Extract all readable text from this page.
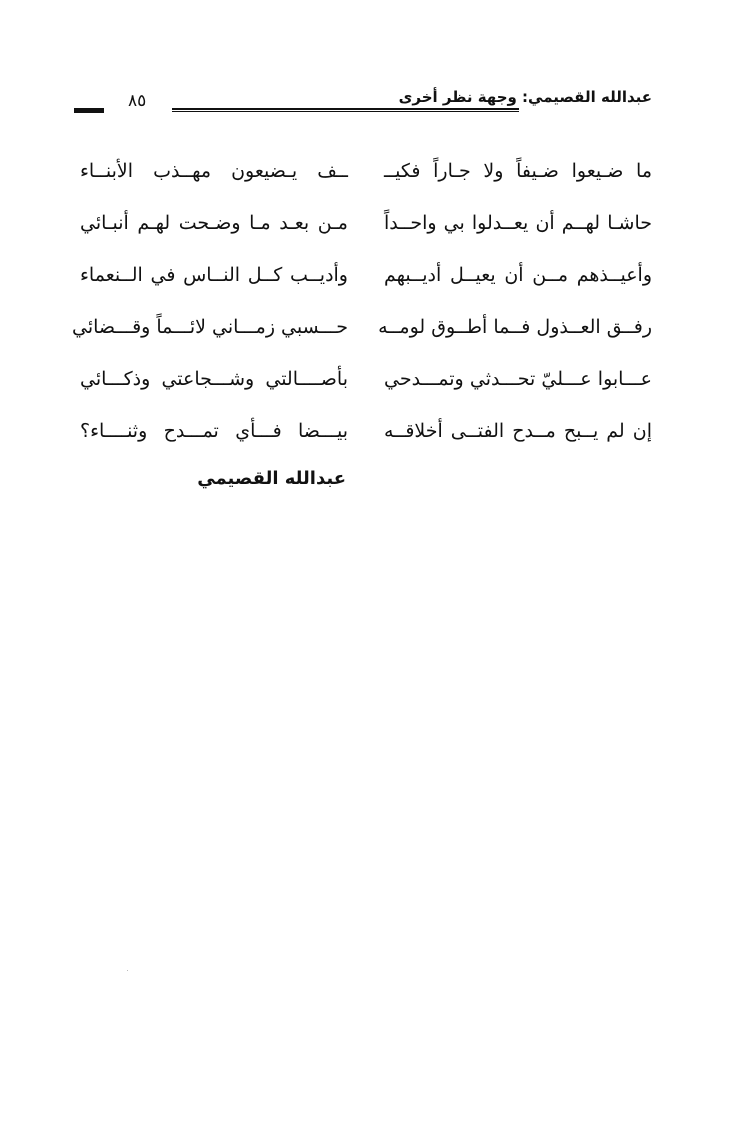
عبدالله القصيمي: وجهة نظر أخرى
٨٥
ما ضـيعوا ضـيفاً ولا جـاراً فكيــ
ــف يـضيعون مهــذب الأبنــاء
حاشـا لهــم أن يعــدلوا بي واحــداً
مـن بعـد مـا وضـحت لهـم أنبـائي
وأعيــذهم مــن أن يعيــل أديــبهم
وأديــب كــل النــاس في الــنعماء
رفــق العــذول فــما أطــوق لومــه
حـــسبي زمـــاني لائـــماً وقـــضائي
عـــابوا عـــليّ تحـــدثي وتمـــدحي
بأصــــالتي وشـــجاعتي وذكـــائي
إن لم يــبح مــدح الفتــى أخلاقــه
بيـــضا فـــأي تمـــدح وثنــــاء؟
عبدالله القصيمي
